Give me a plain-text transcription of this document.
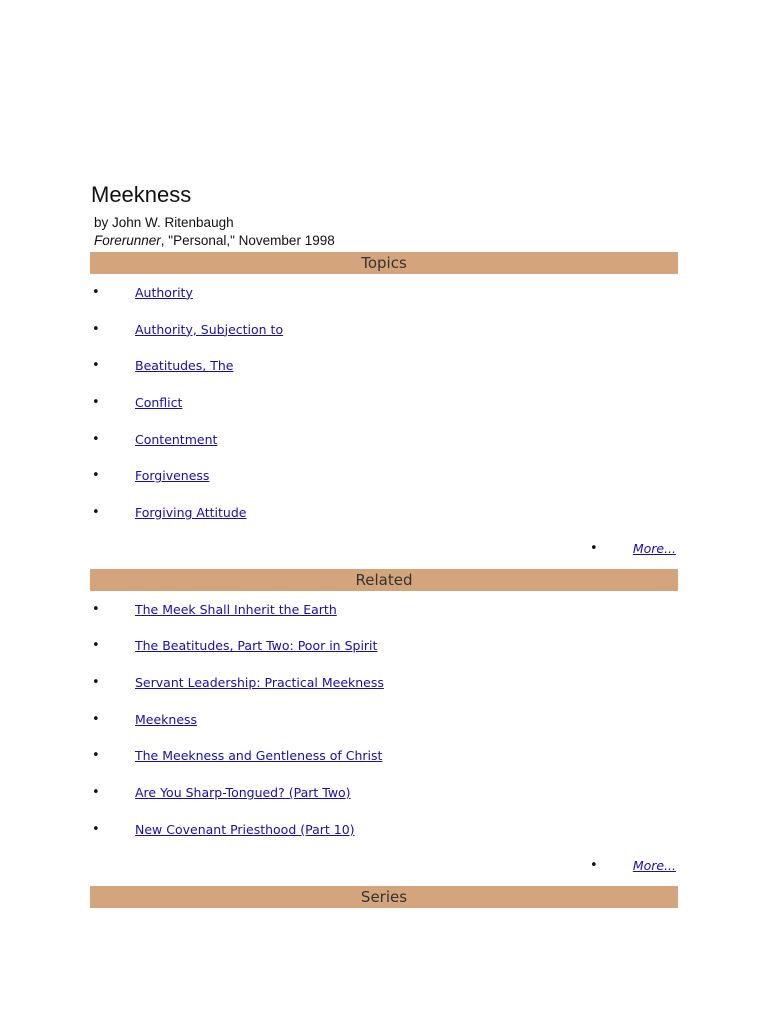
Meekness
by John W. Ritenbaugh
Forerunner, "Personal," November 1998
Topics
•	Authority
•	Authority, Subjection to
•	Beatitudes, The
•	Conflict
•	Contentment
•	Forgiveness
•	Forgiving Attitude
•	More...
Related
•	The Meek Shall Inherit the Earth
•	The Beatitudes, Part Two: Poor in Spirit
•	Servant Leadership: Practical Meekness
•	Meekness
•	The Meekness and Gentleness of Christ
•	Are You Sharp-Tongued? (Part Two)
•	New Covenant Priesthood (Part 10)
•	More...
Series
